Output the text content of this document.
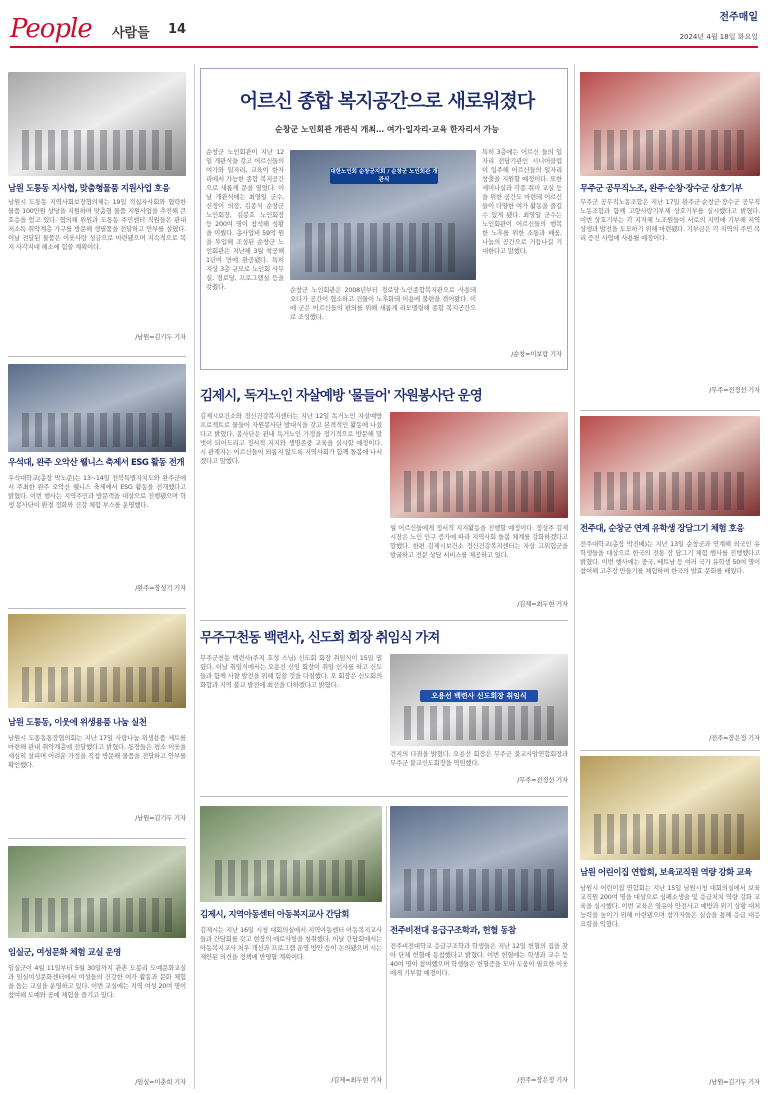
People 사람들 14
전주매일
2024년 4월 18일 화요일
남원 도통동 지사협, 맞춤형물품 지원사업 호응
남원시 도통동 지역사회보장협의체는 19일 적십자사회와 협력한 물품 100만원 상당을 지원하며 맞춤형 물품 지원사업을 추진해 큰 호응을 얻고 있다. 협의체 위원과 도통동 주민센터 직원들은 관내 저소득 취약계층 가구를 방문해 생필품을 전달하고 안부를 살폈다. 이날 전달된 물품은 이웃사랑 성금으로 마련됐으며 지속적으로 복지 사각지대 해소에 힘쓸 계획이다.
/남원=김기두 기자
우석대, 완주 오악산 웰니스 축제서 ESG 활동 전개
우석대학교(총장 박노준)는 13~14일 전북특별자치도와 완주군에서 주최한 완주 오악산 웰니스 축제에서 ESG 활동을 전개했다고 밝혔다. 이번 행사는 지역주민과 방문객을 대상으로 진행됐으며 학생 봉사단이 환경 정화와 건강 체험 부스를 운영했다.
/완주=장성기 기자
남원 도통동, 이웃에 위생용품 나눔 실천
남원시 도통동통장협의회는 지난 17일 사랑나눔 위생용품 세트를 마련해 관내 취약계층에 전달했다고 밝혔다. 통장들은 평소 이웃을 세심히 살피며 어려운 가정을 직접 방문해 물품을 전달하고 안부를 확인했다.
/남원=김기두 기자
임실군, 여성문화 체험 교실 운영
임실군이 4월 11일부터 5월 30일까지 관촌 도봉리 도예문화교실과 임실여성문화센터에서 여성들의 건강한 여가 활동과 문화 체험을 돕는 교실을 운영하고 있다. 이번 교실에는 지역 여성 20여 명이 참여해 도예와 공예 체험을 즐기고 있다.
/임실=이춘희 기자
어르신 종합 복지공간으로 새로워졌다
순창군 노인회관 개관식 개최… 여가·일자리·교육 한자리서 가능
순창군 노인회관이 지난 12일 개관식을 갖고 어르신들의 여가와 일자리, 교육이 한자리에서 가능한 종합 복지공간으로 새롭게 문을 열었다. 이날 개관식에는 최영일 군수, 신정이 의장, 김종식 순창군 노인회장, 김봉호 노인회장 등 200여 명이 참석해 성황을 이뤘다. 총사업비 59억 원을 투입해 조성된 순창군 노인회관은 지난해 3월 착공해 1년여 만에 완공됐다. 특히 지상 3층 규모로 노인회 사무실, 경로당, 프로그램실 등을 갖췄다.
대한노인회 순창군지회 / 순창군 노인회관 개관식
순창군 노인회관은 2008년부터 경로당·노인종합복지관으로 사용돼 오다가 공간이 협소하고 건물이 노후화돼 이용에 불편을 겪어왔다. 이에 군은 어르신들의 편의를 위해 새롭게 리모델링해 종합 복지공간으로 조성했다.
특히 3층에는 어르신 들의 일자리 전담기관인 시니어클럽이 입주해 어르신들의 일자리 창출을 지원할 예정이다. 또한 세미나실과 각종 취미 교실 등을 위한 공간도 마련돼 어르신들이 다양한 여가 활동을 즐길 수 있게 됐다. 최영일 군수는 노인회관이 어르신들의 행복한 노후를 위한 소통과 배움, 나눔의 공간으로 거듭나길 기대한다고 말했다.
/순창=이보람 기자
김제시, 독거노인 자살예방 '물들어' 자원봉사단 운영
김제시보건소와 정신건강복지센터는 지난 12일 독거노인 자살예방 프로젝트로 물들어 자원봉사단 발대식을 갖고 본격적인 활동에 나섰다고 밝혔다. 봉사단은 관내 독거노인 가정을 정기적으로 방문해 말벗이 되어드리고 정서적 지지와 생명존중 교육을 실시할 예정이다. 시 관계자는 어르신들이 외롭지 않도록 지역사회가 함께 돌봄에 나서겠다고 말했다.
월 어르신들에게 정서적 지지활동을 진행할 예정이다. 정성주 김제시장은 노인 인구 증가에 따라 지역사회 돌봄 체계를 강화하겠다고 말했다. 한편 김제시보건소 정신건강복지센터는 자살 고위험군을 발굴하고 전문 상담 서비스를 제공하고 있다.
/김제=최두현 기자
무주구천동 백련사, 신도회 회장 취임식 가져
무주군천동 백련사(주지 호성 스님) 신도회 회장 취임식이 15일 열렸다. 이날 취임식에서는 오용선 신임 회장이 취임 인사를 하고 신도들과 함께 사찰 발전을 위해 힘쓸 것을 다짐했다. 오 회장은 신도회의 화합과 지역 불교 발전에 최선을 다하겠다고 밝혔다.
오용선 백련사 신도회장 취임식
견지의 다짐을 밝혔다. 오용선 회장은 무주군 불교사암연합회장과 무주군 불교신도회장을 역임했다.
/무주=전정선 기자
김제시, 지역아동센터 아동복지교사 간담회
김제시는 지난 16일 시청 대회의실에서 지역아동센터 아동복지교사들과 간담회를 갖고 현장의 애로사항을 청취했다. 이날 간담회에서는 아동복지교사 처우 개선과 프로그램 운영 방안 등이 논의됐으며 시는 제안된 의견을 정책에 반영할 계획이다.
/김제=최두현 기자
전주비전대 응급구조학과, 헌혈 동참
전주비전대학교 응급구조학과 학생들은 지난 12일 헌혈의 집을 찾아 단체 헌혈에 동참했다고 밝혔다. 이번 헌혈에는 학생과 교수 등 40여 명이 참여했으며 학생들은 헌혈증을 모아 도움이 필요한 이웃에게 기부할 예정이다.
/전주=장은정 기자
무주군 공무직노조, 완주·순창·장수군 상호기부
무주군 공무직노동조합은 지난 17일 완주군·순창군·장수군 공무직노동조합과 함께 고향사랑기부제 상호기부를 실시했다고 밝혔다. 이번 상호기부는 각 지자체 노조원들이 서로의 지역에 기부해 지역 상생과 발전을 도모하기 위해 마련됐다. 기부금은 각 지역의 주민 복리 증진 사업에 사용될 예정이다.
/무주=전정선 기자
전주대, 순창군 연계 유학생 장담그기 체험 호응
전주대학교(총장 박진배)는 지난 13일 순창군과 연계해 외국인 유학생들을 대상으로 한국의 전통 장 담그기 체험 행사를 진행했다고 밝혔다. 이번 행사에는 중국, 베트남 등 여러 국가 유학생 50여 명이 참여해 고추장 만들기를 체험하며 한국의 발효 문화를 배웠다.
/전주=장은정 기자
남원 어린이집 연합회, 보육교직원 역량 강화 교육
남원시 어린이집 연합회는 지난 15일 남원시청 대회의실에서 보육교직원 200여 명을 대상으로 심폐소생술 및 응급처치 역량 강화 교육을 실시했다. 이번 교육은 영유아 안전사고 예방과 위기 상황 대처 능력을 높이기 위해 마련됐으며 참가자들은 실습을 통해 응급 대응 요령을 익혔다.
/남원=김기두 기자
